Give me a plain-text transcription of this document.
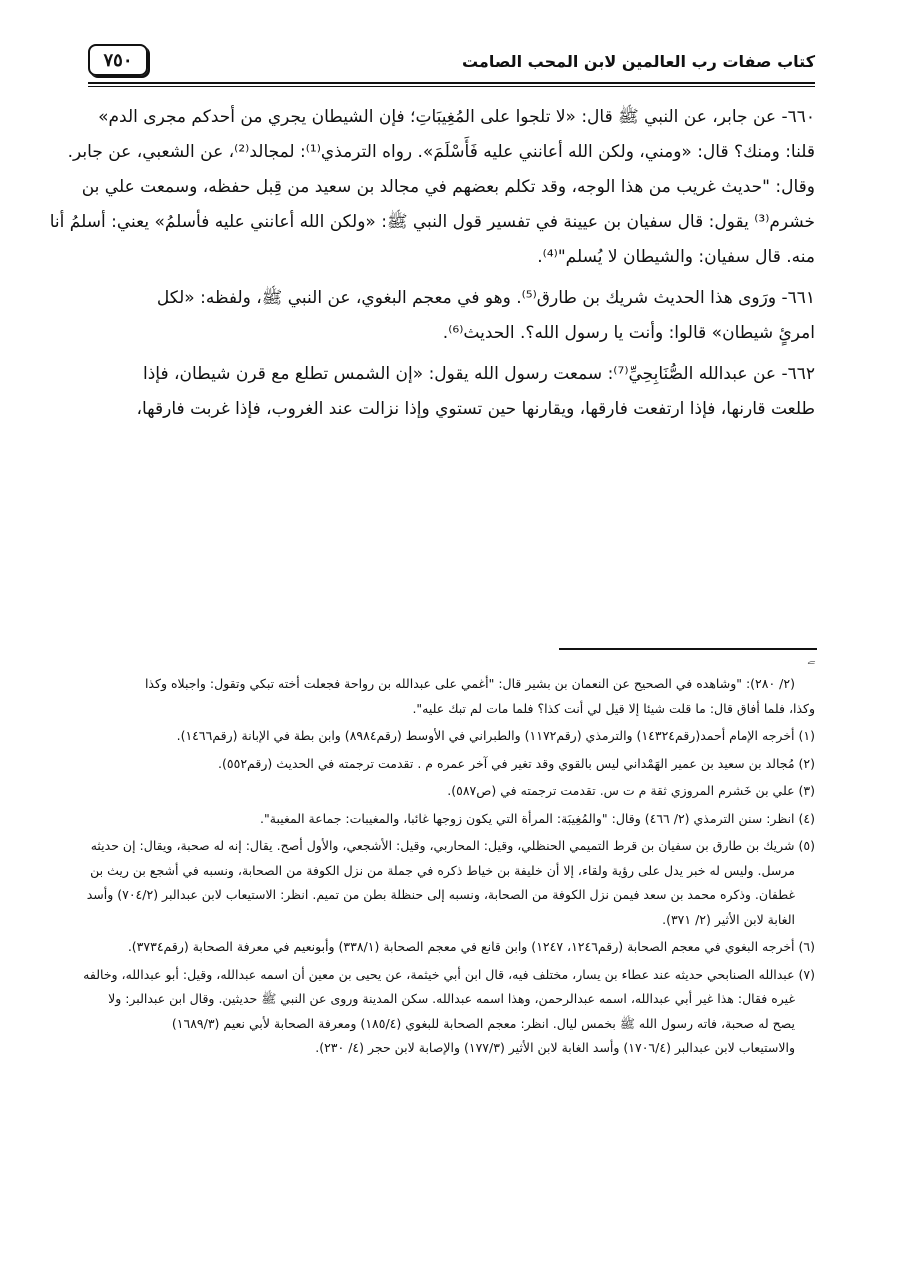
كتاب صفات رب العالمين لابن المحب الصامت
٧٥٠

٦٦٠- عن جابر، عن النبي ﷺ قال: «لا تلجوا على المُغِيبَاتِ؛ فإن الشيطان يجري من أحدكم مجرى الدم»
قلنا: ومنك؟ قال: «ومني، ولكن الله أعانني عليه فَأَسْلَمَ». رواه الترمذي⁽¹⁾: لمجالد⁽²⁾، عن الشعبي، عن جابر.
وقال: "حديث غريب من هذا الوجه، وقد تكلم بعضهم في مجالد بن سعيد من قِبل حفظه، وسمعت علي بن
خشرم⁽³⁾ يقول: قال سفيان بن عيينة في تفسير قول النبي ﷺ: «ولكن الله أعانني عليه فأسلمُ» يعني: أسلمُ أنا
منه. قال سفيان: والشيطان لا يُسلم"⁽⁴⁾.

٦٦١- ورَوى هذا الحديث شريك بن طارق⁽⁵⁾. وهو في معجم البغوي، عن النبي ﷺ، ولفظه: «لكل
امرئٍ شيطان» قالوا: وأنت يا رسول الله؟. الحديث⁽⁶⁾.

٦٦٢- عن عبدالله الصُّنَابِحِيِّ⁽⁷⁾: سمعت رسول الله يقول: «إن الشمس تطلع مع قرن شيطان، فإذا
طلعت قارنها، فإذا ارتفعت فارقها، ويقارنها حين تستوي وإذا نزالت عند الغروب، فإذا غربت فارقها،

ﮯ
(٢/ ٢٨٠): "وشاهده في الصحيح عن النعمان بن بشير قال: "أغمي على عبدالله بن رواحة فجعلت أخته تبكي وتقول: واجبلاه وكذا
وكذا، فلما أفاق قال: ما قلت شيئا إلا قيل لي أنت كذا؟ فلما مات لم تبك عليه".
(١) أخرجه الإمام أحمد(رقم١٤٣٢٤) والترمذي (رقم١١٧٢) والطبراني في الأوسط (رقم٨٩٨٤) وابن بطة في الإبانة (رقم١٤٦٦).
(٢) مُجالد بن سعيد بن عمير الهَمْداني ليس بالقوي وقد تغير في آخر عمره م . تقدمت ترجمته في الحديث (رقم٥٥٢).
(٣) علي بن خَشرم المروزي ثقة م ت س. تقدمت ترجمته في (ص٥٨٧).
(٤) انظر: سنن الترمذي (٢/ ٤٦٦) وقال: "والمُغِيبَة: المرأة التي يكون زوجها غائبا، والمغيبات: جماعة المغيبة".
(٥) شريك بن طارق بن سفيان بن قرط التميمي الحنظلي، وقيل: المحاربي، وقيل: الأشجعي، والأول أصح. يقال: إنه له صحبة، ويقال: إن حديثه
مرسل. وليس له خبر يدل على رؤية ولقاء، إلا أن خليفة بن خياط ذكره في جملة من نزل الكوفة من الصحابة، ونسبه في أشجع بن ريث بن
غطفان. وذكره محمد بن سعد فيمن نزل الكوفة من الصحابة، ونسبه إلى حنظلة بطن من تميم. انظر: الاستيعاب لابن عبدالبر (٧٠٤/٢) وأسد
الغابة لابن الأثير (٢/ ٣٧١).
(٦) أخرجه البغوي في معجم الصحابة (رقم١٢٤٦، ١٢٤٧) وابن قانع في معجم الصحابة (٣٣٨/١) وأبونعيم في معرفة الصحابة (رقم٣٧٣٤).
(٧) عبدالله الصنابحي حديثه عند عطاء بن يسار، مختلف فيه، قال ابن أبي خيثمة، عن يحيى بن معين أن اسمه عبدالله، وقيل: أبو عبدالله، وخالفه
غيره فقال: هذا غير أبي عبدالله، اسمه عبدالرحمن، وهذا اسمه عبدالله. سكن المدينة وروى عن النبي ﷺ حديثين. وقال ابن عبدالبر: ولا
يصح له صحبة، فاته رسول الله ﷺ بخمس ليال. انظر: معجم الصحابة للبغوي (١٨٥/٤) ومعرفة الصحابة لأبي نعيم (١٦٨٩/٣)
والاستيعاب لابن عبدالبر (١٧٠٦/٤) وأسد الغابة لابن الأثير (١٧٧/٣) والإصابة لابن حجر (٤/ ٢٣٠).
